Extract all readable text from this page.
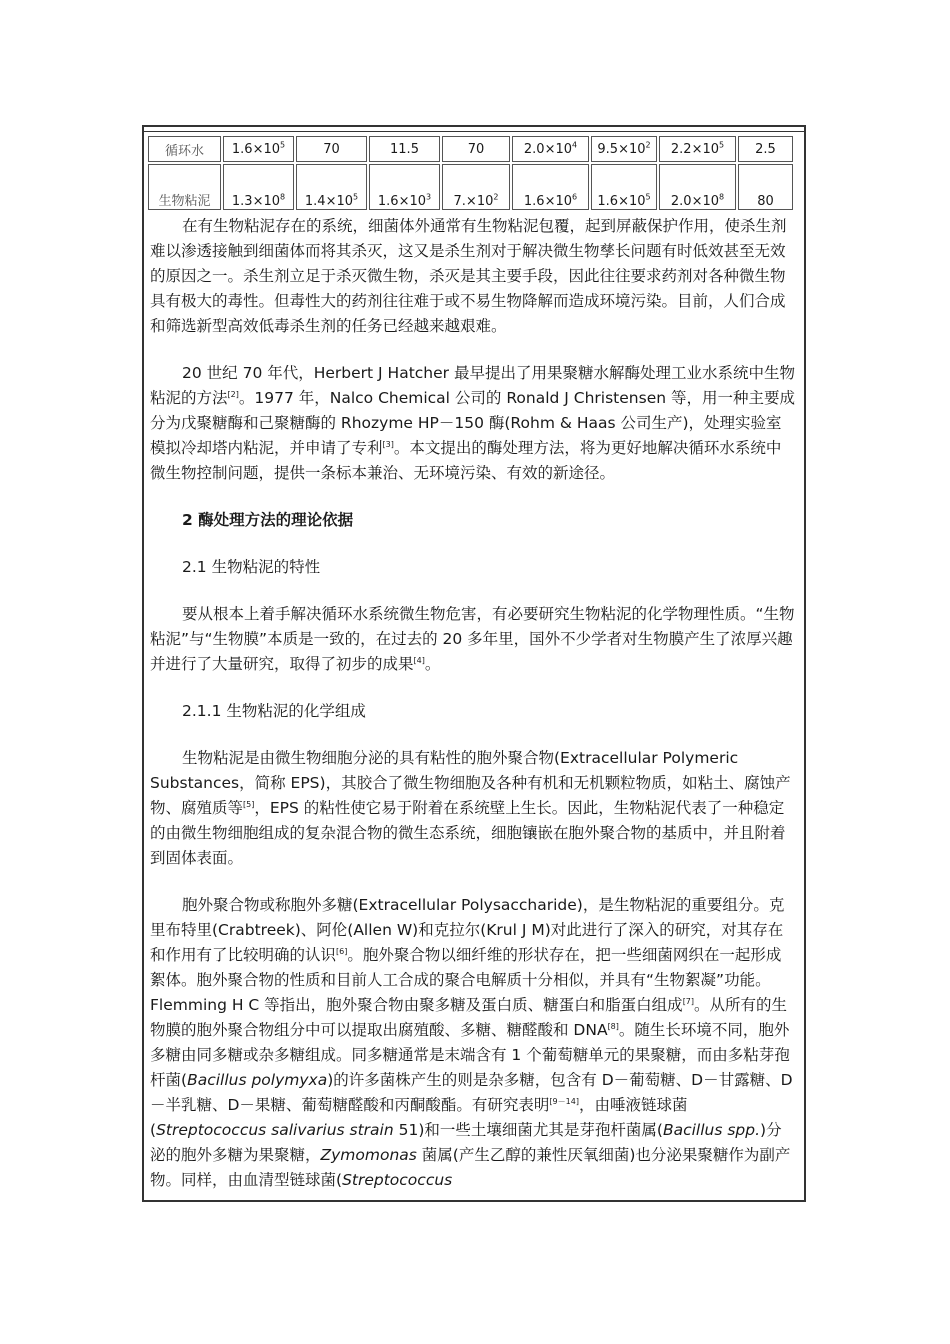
循环水	$1.6\times 10^5$	70	11.5	70	$2.0\times 10^4$	$9.5\times 10^2$	$2.2\times 10^5$	2.5
生物粘泥	$1.3\times 10^8$	$1.4\times 10^5$	$1.6\times 10^3$	$7.\times 10^2$	$1.6\times 10^6$	$1.6\times 10^5$	$2.0\times 10^8$	80

在有生物粘泥存在的系统，细菌体外通常有生物粘泥包覆，起到屏蔽保护作用，使杀生剂难以渗透接触到细菌体而将其杀灭，这又是杀生剂对于解决微生物孳长问题有时低效甚至无效的原因之一。杀生剂立足于杀灭微生物，杀灭是其主要手段，因此往往要求药剂对各种微生物具有极大的毒性。但毒性大的药剂往往难于或不易生物降解而造成环境污染。目前，人们合成和筛选新型高效低毒杀生剂的任务已经越来越艰难。

20 世纪 70 年代，Herbert J Hatcher 最早提出了用果聚糖水解酶处理工业水系统中生物粘泥的方法[2]。1977 年，Nalco Chemical 公司的 Ronald J Christensen 等，用一种主要成分为戊聚糖酶和己聚糖酶的 Rhozyme HP－150 酶(Rohm & Haas 公司生产)，处理实验室模拟冷却塔内粘泥，并申请了专利[3]。本文提出的酶处理方法，将为更好地解决循环水系统中微生物控制问题，提供一条标本兼治、无环境污染、有效的新途径。

2 酶处理方法的理论依据

2.1 生物粘泥的特性

要从根本上着手解决循环水系统微生物危害，有必要研究生物粘泥的化学物理性质。“生物粘泥”与“生物膜”本质是一致的，在过去的 20 多年里，国外不少学者对生物膜产生了浓厚兴趣并进行了大量研究，取得了初步的成果[4]。

2.1.1 生物粘泥的化学组成

生物粘泥是由微生物细胞分泌的具有粘性的胞外聚合物(Extracellular Polymeric Substances，简称 EPS)，其胶合了微生物细胞及各种有机和无机颗粒物质，如粘土、腐蚀产物、腐殖质等[5]，EPS 的粘性使它易于附着在系统壁上生长。因此，生物粘泥代表了一种稳定的由微生物细胞组成的复杂混合物的微生态系统，细胞镶嵌在胞外聚合物的基质中，并且附着到固体表面。

胞外聚合物或称胞外多糖(Extracellular Polysaccharide)，是生物粘泥的重要组分。克里布特里(Crabtreek)、阿伦(Allen W)和克拉尔(Krul J M)对此进行了深入的研究，对其存在和作用有了比较明确的认识[6]。胞外聚合物以细纤维的形状存在，把一些细菌网织在一起形成絮体。胞外聚合物的性质和目前人工合成的聚合电解质十分相似，并具有“生物絮凝”功能。Flemming H C 等指出，胞外聚合物由聚多糖及蛋白质、糖蛋白和脂蛋白组成[7]。从所有的生物膜的胞外聚合物组分中可以提取出腐殖酸、多糖、糖醛酸和 DNA[8]。随生长环境不同，胞外多糖由同多糖或杂多糖组成。同多糖通常是末端含有 1 个葡萄糖单元的果聚糖，而由多粘芽孢杆菌(Bacillus polymyxa)的许多菌株产生的则是杂多糖，包含有 D－葡萄糖、D－甘露糖、D－半乳糖、D－果糖、葡萄糖醛酸和丙酮酸酯。有研究表明[9－14]，由唾液链球菌(Streptococcus salivarius strain 51)和一些土壤细菌尤其是芽孢杆菌属(Bacillus spp.)分泌的胞外多糖为果聚糖，Zymomonas 菌属(产生乙醇的兼性厌氧细菌)也分泌果聚糖作为副产物。同样，由血清型链球菌(Streptococcus
